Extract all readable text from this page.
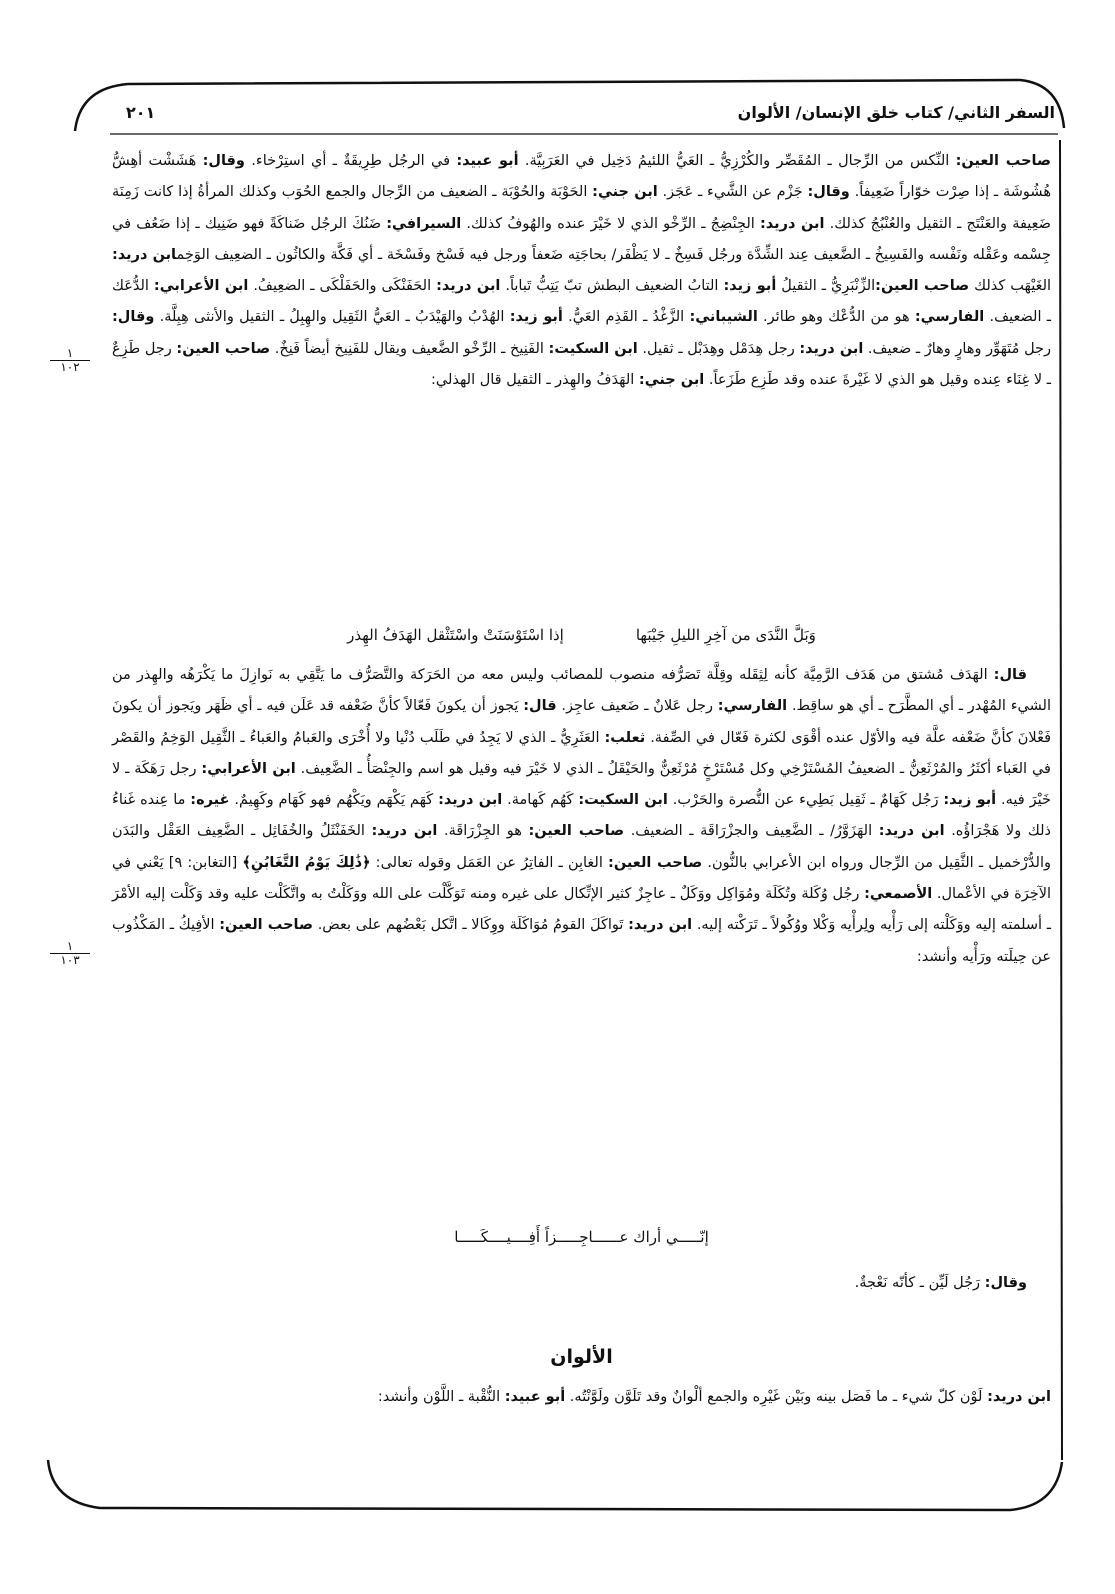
السفر الثاني/ كتاب خلق الإنسان/ الألوان
٢٠١
١
١٠٢
١
١٠٣

صاحب العين: النِّكس من الرِّجال ـ المُقَصِّر والكُرْزِيُّ ـ العَيُّ اللئيمُ دَخِيل في العَرَبِيَّة. أبو عبيد: في الرجُل طِرِيقَةٌ ـ أي استِرْخاء. وقال: هَشَشْت أهِشُّ هُشُوشَة ـ إذا صِرْت خوّاراً ضَعِيفاً. وقال: جَزْم عن الشَّيء ـ عَجَز. ابن جني: الحَوْبَة والحُوْبَة ـ الضعيف من الرِّجال والجمع الحُوَب وكذلك المرأةُ إذا كانت زَمِنَة ضَعِيفة والعَنْتَج ـ الثقيل والعُنْبُجُ كذلك. ابن دريد: الجِنْضِجُ ـ الرِّخْو الذي لا خَيْرَ عنده والهُوفُ كذلك. السيرافي: ضَنُكَ الرجُل ضَناكَةً فهو ضَنِيك ـ إذا ضَعُف في جِسْمه وعَقْله ونَفْسه والفَسِيخُ ـ الضَّعيف عِند الشِّدَّة ورجُل فَسِخٌ ـ لا يَظْفَر/ بحاجَتِه ضَعفاً ورجل فيه فَسْخ وفَسْخَة ـ أي فَكَّة والكاثُون ـ الضعِيف الوَخِمابن دريد: الغَيْهَب كذلك صاحب العين:الزِّنْبَرِيُّ ـ الثقيلُ أبو زيد: التابُ الضعيف البطش تبّ يَتِبُّ تَباباً. ابن دريد: الحَفَنْكَى والحَفَلْكَى ـ الضعِيفُ. ابن الأعرابي: الدُّعَك ـ الضعيف. الفارسي: هو من الدُّعْك وهو طائر. الشيباني: الزَّغْدُ ـ القَذِم العَيُّ. أبو زيد: الهُدْبُ والهَيْدَبُ ـ العَيُّ الثَقِيل والهِبِلُ ـ الثقيل والأنثى هِبِلَّة. وقال: رجل مُتَهَوِّر وهارٍ وهارٌ ـ ضعيف. ابن دريد: رجل هِدَمْل وهِدَبْل ـ ثقيل. ابن السكيت: الفَنِيخ ـ الرِّخْو الضَّعيف ويقال للفَنِيخ أيضاً فَنِخٌ. صاحب العين: رجل طَزِعٌ ـ لا غِنَاء عِنده وقيل هو الذي لا غَيْرةَ عنده وقد طَزِع طَزَعاً. ابن جني: الهَدَفُ والهِذر ـ الثقيل قال الهذلي:

وَبَلَّ النَّدَى من آخِرِ الليلِ جَيْبَها
إذا اسْتَوْسَنَتْ واسْتَثْقل الهَدَفُ الهِذر

قال: الهَدَف مُشتق من هَدَف الرَّمِيَّة كأنه لِثِقَله وقِلَّة تَصَرُّفه منصوب للمصائب وليس معه من الحَرَكة والتَّصَرُّف ما يَتَّقِي به نَوازِلَ ما يَكْرَهُه والهِذر من الشيء المُهْدر ـ أي المطَّرَح ـ أي هو ساقِط. الفارسي: رجل عَلانٌ ـ ضَعيف عاجِز. قال: يَجوز أن يكونَ فَعّالاً كأنَّ ضَعْفه قد عَلَن فيه ـ أي ظَهَر ويَجوز أن يكونَ فَعْلانَ كأنَّ ضَعْفه علَّة فيه والأوّل عنده أقْوَى لكثرة فَعّال في الصِّفة. ثعلب: العَثَرِيُّ ـ الذي لا يَجِدُ في طَلَب دُنْيا ولا أُخْرَى والعَبامُ والعَباءُ ـ الثَّقِيل الوَخِمُ والقَصْر في العَباء أكثَرُ والمُرْثَعِنُّ ـ الضعيفُ المُسْتَرْخِي وكل مُسْتَرْخٍ مُرْثَعِنٌّ والحَيْقَلُ ـ الذي لا خَيْرَ فيه وقيل هو اسم والجِنْصَأُ ـ الضَّعِيف. ابن الأعرابي: رجل رَهَكَة ـ لا خَيْرَ فيه. أبو زيد: رَجُل كَهَامٌ ـ ثَقِيل بَطِيء عن النُّصرة والحَرْب. ابن السكيت: كَهُم كَهامة. ابن دريد: كَهَم يَكْهَم ويَكْهُم فهو كَهَام وكَهِيمٌ. غيره: ما عِنده غَناءُ ذلك ولا هَجْرَاؤُه. ابن دريد: الهَزَوَّرُ/ ـ الضَّعِيف والجزْرَاقَة ـ الضعيف. صاحب العين: هو الجِزْرَاقَة. ابن دريد: الخَفَنْثَلُ والخُفَاثِل ـ الضَّعِيف العَقْل والبَدَن والدُّرْخميل ـ الثَّقِيل من الرِّجال ورواه ابن الأعرابي بالنُّون. صاحب العين: الغابِن ـ الفاتِرُ عن العَمَل وقوله تعالى: ﴿ذَٰلِكَ يَوْمُ التَّغَابُنِ﴾ [التغابن: ٩] يَعْني في الآخِرَة في الأعْمال. الأصمعي: رجُل وُكَلة وتُكَلَة ومُوَاكِل ووَكَلٌ ـ عاجِزٌ كثير الإتِّكال على غيره ومنه تَوَكَّلْت على الله ووَكَلْتُ به واتَّكَلْت عليه وقد وَكَلْت إليه الأمْرَ ـ أسلمته إليه ووَكَلْته إلى رَأْيه ولِرأْيه وَكْلا ووُكُولاً ـ تَرَكْته إليه. ابن دريد: تَواكَلَ القومُ مُوَاكَلَة ووِكَالا ـ اتَّكل بَعْضُهم على بعض. صاحب العين: الأفِيكُ ـ المَكْذُوب عن حِيلَته ورَأْيه وأنشد:

إنّـــــي أراك عــــــاجِـــــزاً أَفِــــيــــكَـــــا

وقال: رَجُل لَيِّن ـ كأنّه نَعْجةٌ.

الألوان

ابن دريد: لَوْن كلّ شيء ـ ما فَصَل بينه وبَيْن غَيْرِه والجمع ألْوانٌ وقد تَلَوَّن ولَوَّنْتُه. أبو عبيد: النُّقْبة ـ اللَّوْن وأنشد:
